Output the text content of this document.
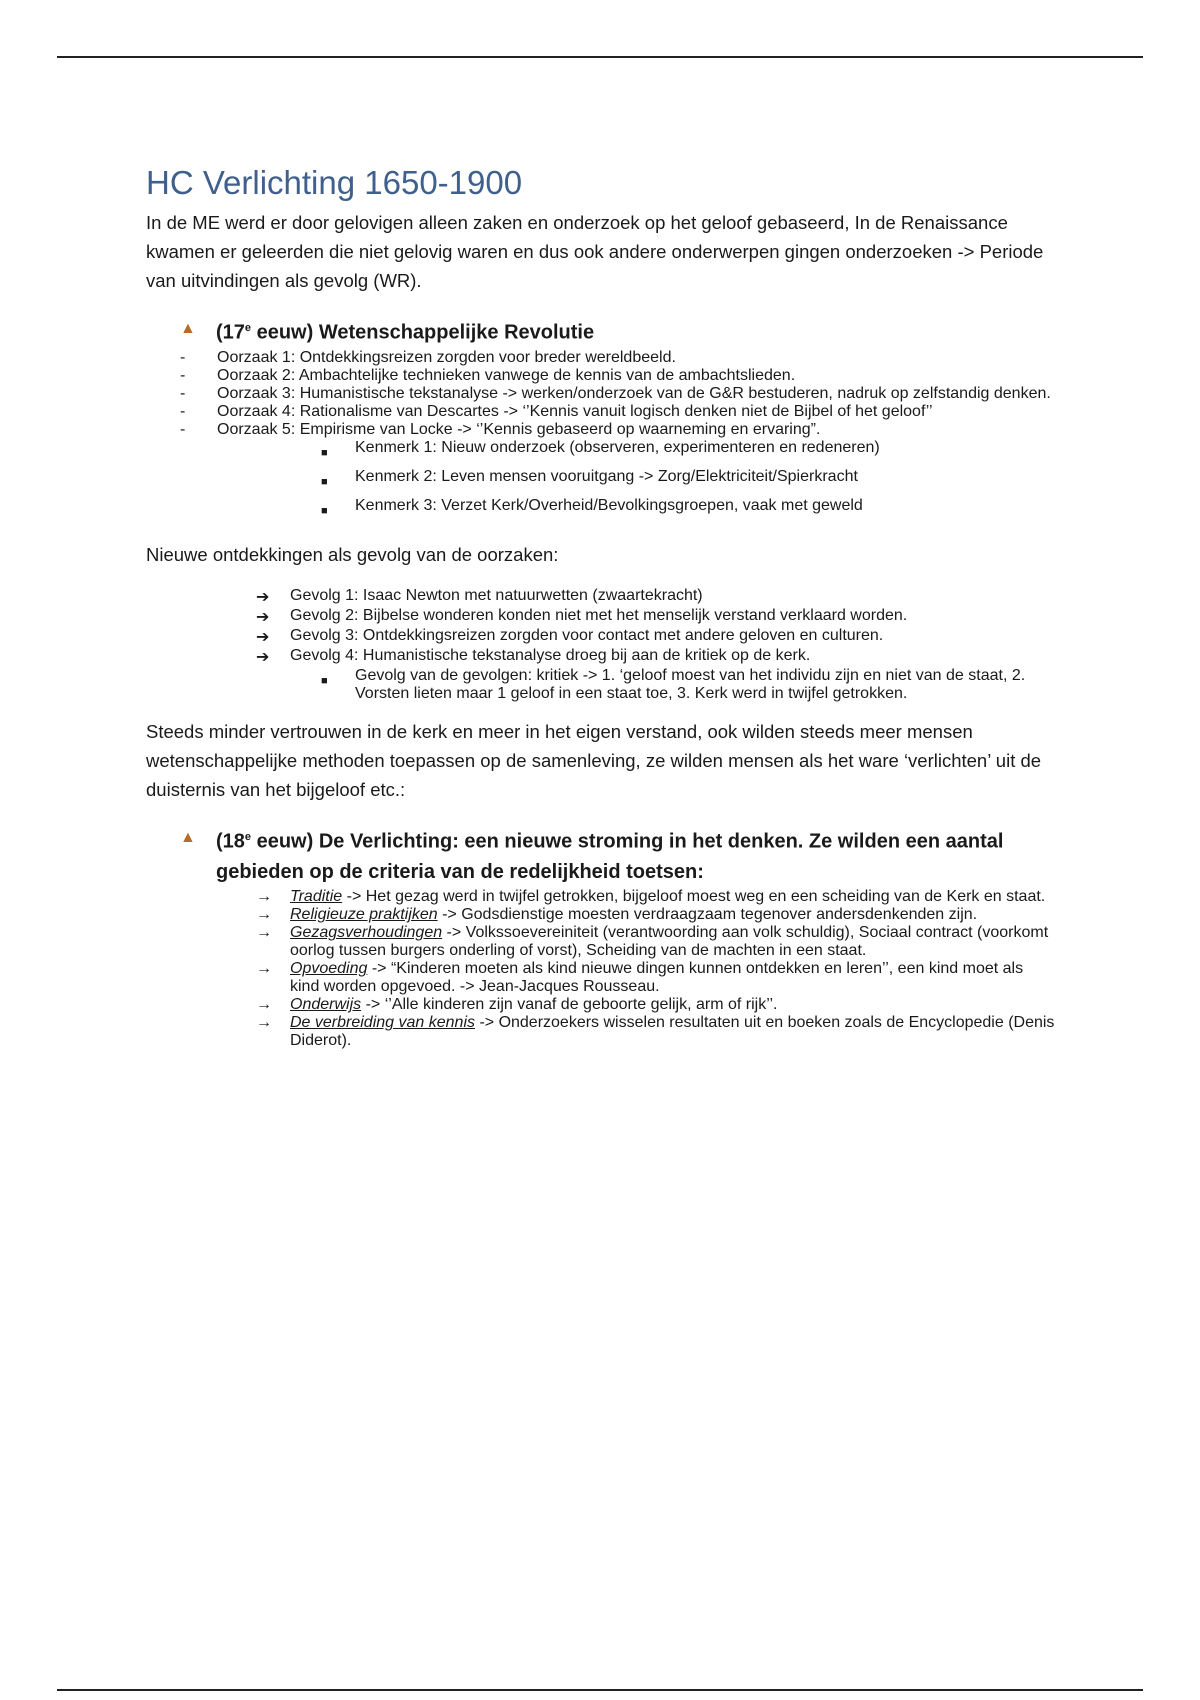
HC Verlichting 1650-1900

In de ME werd er door gelovigen alleen zaken en onderzoek op het geloof gebaseerd, In de Renaissance kwamen er geleerden die niet gelovig waren en dus ook andere onderwerpen gingen onderzoeken -> Periode van uitvindingen als gevolg (WR).

▲	(17e eeuw) Wetenschappelijke Revolutie
-	Oorzaak 1: Ontdekkingsreizen zorgden voor breder wereldbeeld.
-	Oorzaak 2: Ambachtelijke technieken vanwege de kennis van de ambachtslieden.
-	Oorzaak 3: Humanistische tekstanalyse -> werken/onderzoek van de G&R bestuderen, nadruk op zelfstandig denken.
-	Oorzaak 4: Rationalisme van Descartes -> ‘’Kennis vanuit logisch denken niet de Bijbel of het geloof’’
-	Oorzaak 5: Empirisme van Locke -> ‘’Kennis gebaseerd op waarneming en ervaring”.
■	Kenmerk 1: Nieuw onderzoek (observeren, experimenteren en redeneren)
■	Kenmerk 2: Leven mensen vooruitgang -> Zorg/Elektriciteit/Spierkracht
■	Kenmerk 3: Verzet Kerk/Overheid/Bevolkingsgroepen, vaak met geweld

Nieuwe ontdekkingen als gevolg van de oorzaken:

➔	Gevolg 1: Isaac Newton met natuurwetten (zwaartekracht)
➔	Gevolg 2: Bijbelse wonderen konden niet met het menselijk verstand verklaard worden.
➔	Gevolg 3: Ontdekkingsreizen zorgden voor contact met andere geloven en culturen.
➔	Gevolg 4: Humanistische tekstanalyse droeg bij aan de kritiek op de kerk.
■	Gevolg van de gevolgen: kritiek -> 1. ‘geloof moest van het individu zijn en niet van de staat, 2. Vorsten lieten maar 1 geloof in een staat toe, 3. Kerk werd in twijfel getrokken.

Steeds minder vertrouwen in de kerk en meer in het eigen verstand, ook wilden steeds meer mensen wetenschappelijke methoden toepassen op de samenleving, ze wilden mensen als het ware ‘verlichten’ uit de duisternis van het bijgeloof etc.:

▲	(18e eeuw) De Verlichting: een nieuwe stroming in het denken. Ze wilden een aantal gebieden op de criteria van de redelijkheid toetsen:
→	Traditie -> Het gezag werd in twijfel getrokken, bijgeloof moest weg en een scheiding van de Kerk en staat.
→	Religieuze praktijken -> Godsdienstige moesten verdraagzaam tegenover andersdenkenden zijn.
→	Gezagsverhoudingen -> Volkssoevereiniteit (verantwoording aan volk schuldig), Sociaal contract (voorkomt oorlog tussen burgers onderling of vorst), Scheiding van de machten in een staat.
→	Opvoeding -> “Kinderen moeten als kind nieuwe dingen kunnen ontdekken en leren’’, een kind moet als kind worden opgevoed. -> Jean-Jacques Rousseau.
→	Onderwijs -> ‘’Alle kinderen zijn vanaf de geboorte gelijk, arm of rijk’’.
→	De verbreiding van kennis -> Onderzoekers wisselen resultaten uit en boeken zoals de Encyclopedie (Denis Diderot).
